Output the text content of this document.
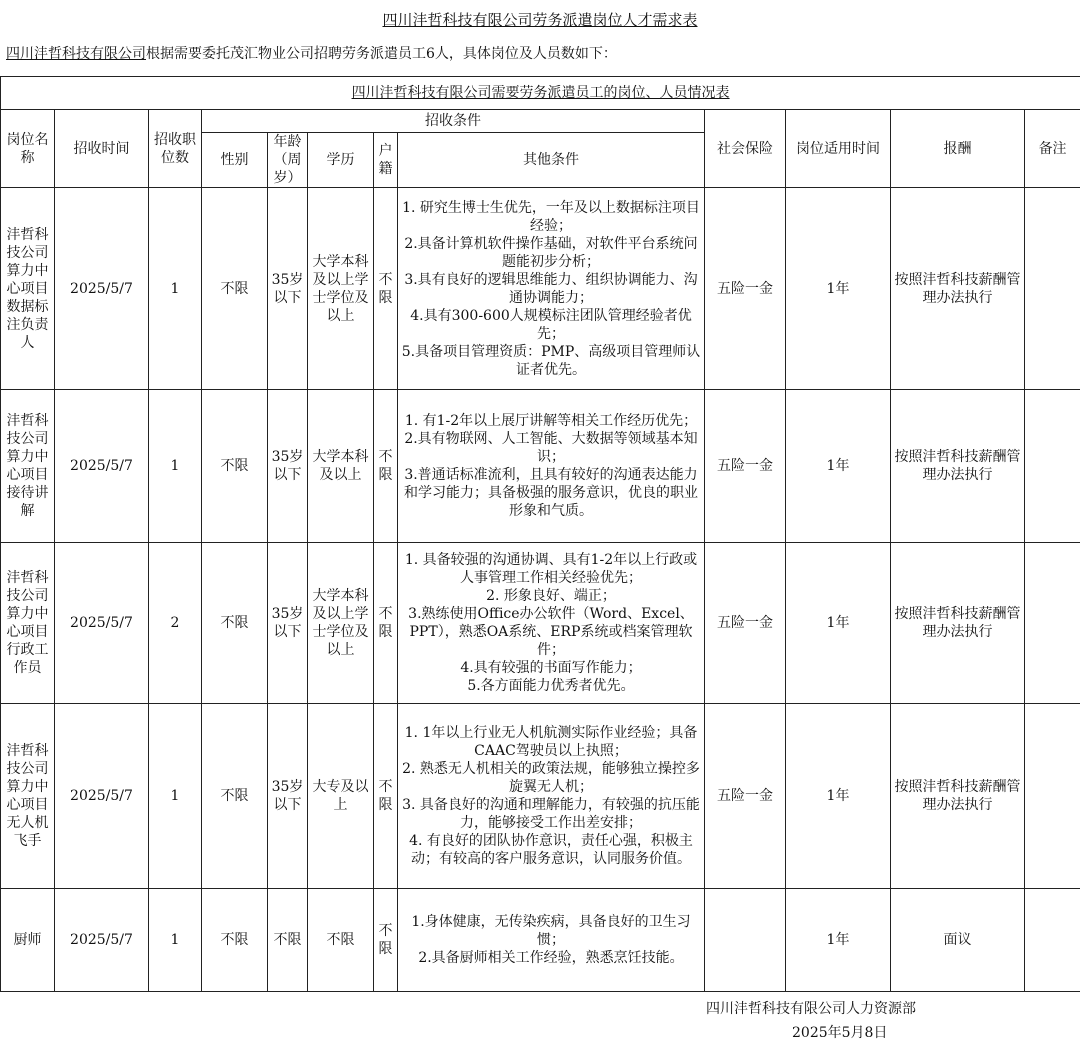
四川沣哲科技有限公司劳务派遣岗位人才需求表
四川沣哲科技有限公司根据需要委托茂汇物业公司招聘劳务派遣员工6人，具体岗位及人员数如下：
四川沣哲科技有限公司需要劳务派遣员工的岗位、人员情况表											
岗位名称	招收时间	招收职位数	招收条件					社会保险	岗位适用时间	报酬	备注
			性别	年龄（周岁）	学历	户籍	其他条件				
沣哲科技公司算力中心项目数据标注负责人	2025/5/7	1	不限	35岁以下	大学本科及以上学士学位及以上	不限	1. 研究生博士生优先，一年及以上数据标注项目经验；
2.具备计算机软件操作基础，对软件平台系统问题能初步分析；
3.具有良好的逻辑思维能力、组织协调能力、沟通协调能力；
4.具有300-600人规模标注团队管理经验者优先；
5.具备项目管理资质：PMP、高级项目管理师认证者优先。	五险一金	1年	按照沣哲科技薪酬管理办法执行	
沣哲科技公司算力中心项目接待讲解	2025/5/7	1	不限	35岁以下	大学本科及以上	不限	1. 有1-2年以上展厅讲解等相关工作经历优先；
2.具有物联网、人工智能、大数据等领域基本知识；
3.普通话标准流利，且具有较好的沟通表达能力和学习能力；具备极强的服务意识，优良的职业形象和气质。	五险一金	1年	按照沣哲科技薪酬管理办法执行	
沣哲科技公司算力中心项目行政工作员	2025/5/7	2	不限	35岁以下	大学本科及以上学士学位及以上	不限	1. 具备较强的沟通协调、具有1-2年以上行政或人事管理工作相关经验优先；
2. 形象良好、端正；
3.熟练使用Office办公软件（Word、Excel、PPT），熟悉OA系统、ERP系统或档案管理软件；
4.具有较强的书面写作能力；
5.各方面能力优秀者优先。	五险一金	1年	按照沣哲科技薪酬管理办法执行	
沣哲科技公司算力中心项目无人机飞手	2025/5/7	1	不限	35岁以下	大专及以上	不限	1. 1年以上行业无人机航测实际作业经验；具备CAAC驾驶员以上执照；
2. 熟悉无人机相关的政策法规，能够独立操控多旋翼无人机；
3. 具备良好的沟通和理解能力，有较强的抗压能力，能够接受工作出差安排；
4. 有良好的团队协作意识，责任心强，积极主动；有较高的客户服务意识，认同服务价值。	五险一金	1年	按照沣哲科技薪酬管理办法执行	
厨师	2025/5/7	1	不限	不限	不限	不限	1.身体健康，无传染疾病，具备良好的卫生习惯；
2.具备厨师相关工作经验，熟悉烹饪技能。		1年	面议	
四川沣哲科技有限公司人力资源部
2025年5月8日
